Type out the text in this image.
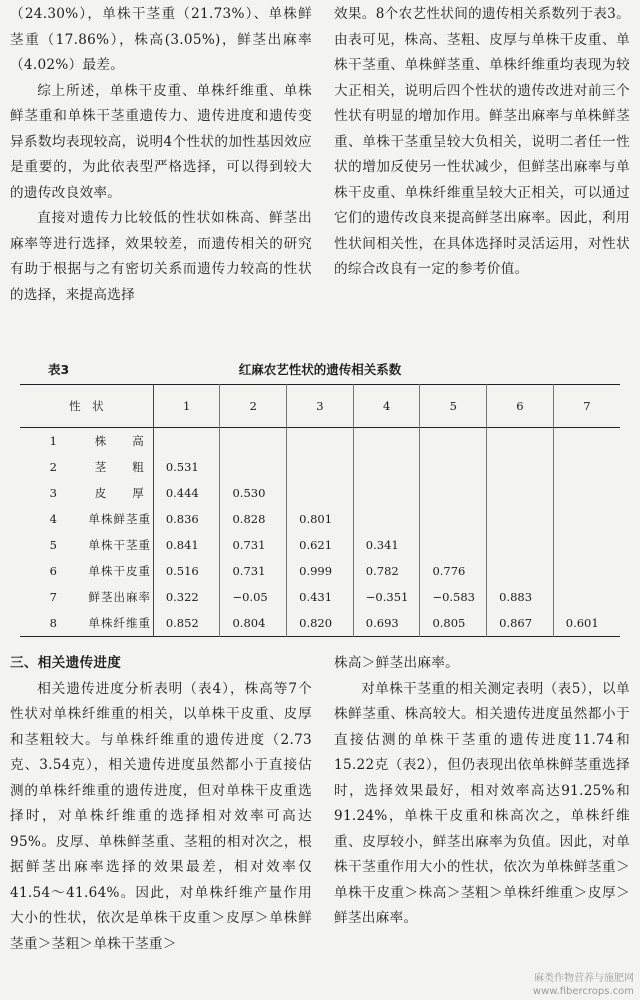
（24.30%），单株干茎重（21.73%）、单株鲜茎重（17.86%），株高(3.05%)，鲜茎出麻率（4.02%）最差。

综上所述，单株干皮重、单株纤维重、单株鲜茎重和单株干茎重遗传力、遗传进度和遗传变异系数均表现较高，说明4个性状的加性基因效应是重要的，为此依表型严格选择，可以得到较大的遗传改良效率。

直接对遗传力比较低的性状如株高、鲜茎出麻率等进行选择，效果较差，而遗传相关的研究有助于根据与之有密切关系而遗传力较高的性状的选择，来提高选择

效果。8个农艺性状间的遗传相关系数列于表3。由表可见，株高、茎粗、皮厚与单株干皮重、单株干茎重、单株鲜茎重、单株纤维重均表现为较大正相关，说明后四个性状的遗传改进对前三个性状有明显的增加作用。鲜茎出麻率与单株鲜茎重、单株干茎重呈较大负相关，说明二者任一性状的增加反使另一性状减少，但鲜茎出麻率与单株干皮重、单株纤维重呈较大正相关，可以通过它们的遗传改良来提高鲜茎出麻率。因此，利用性状间相关性，在具体选择时灵活运用，对性状的综合改良有一定的参考价值。

表3	红麻农艺性状的遗传相关系数
性　状		1	2	3	4	5	6	7
1	株　　高							
2	茎　　粗	0.531						
3	皮　　厚	0.444	0.530					
4	单株鲜茎重	0.836	0.828	0.801				
5	单株干茎重	0.841	0.731	0.621	0.341			
6	单株干皮重	0.516	0.731	0.999	0.782	0.776		
7	鲜茎出麻率	0.322	−0.05	0.431	−0.351	−0.583	0.883	
8	单株纤维重	0.852	0.804	0.820	0.693	0.805	0.867	0.601

三、相关遗传进度

相关遗传进度分析表明（表4），株高等7个性状对单株纤维重的相关，以单株干皮重、皮厚和茎粗较大。与单株纤维重的遗传进度（2.73克、3.54克），相关遗传进度虽然都小于直接估测的单株纤维重的遗传进度，但对单株干皮重选择时，对单株纤维重的选择相对效率可高达95%。皮厚、单株鲜茎重、茎粗的相对次之，根据鲜茎出麻率选择的效果最差，相对效率仅41.54～41.64%。因此，对单株纤维产量作用大小的性状，依次是单株干皮重＞皮厚＞单株鲜茎重＞茎粗＞单株干茎重＞

株高＞鲜茎出麻率。

对单株干茎重的相关测定表明（表5），以单株鲜茎重、株高较大。相关遗传进度虽然都小于直接估测的单株干茎重的遗传进度11.74和15.22克（表2），但仍表现出依单株鲜茎重选择时，选择效果最好，相对效率高达91.25%和91.24%，单株干皮重和株高次之，单株纤维重、皮厚较小，鲜茎出麻率为负值。因此，对单株干茎重作用大小的性状，依次为单株鲜茎重＞单株干皮重＞株高＞茎粗＞单株纤维重＞皮厚＞鲜茎出麻率。

麻类作物营养与施肥网
www.fibercrops.com
